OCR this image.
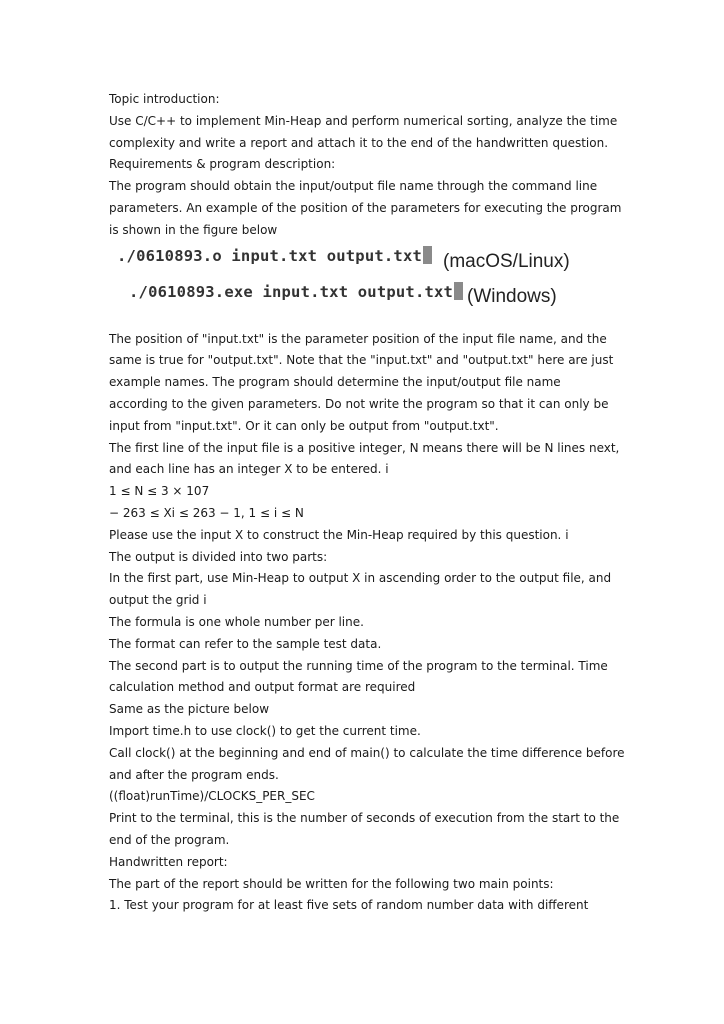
Topic introduction:

Use C/C++ to implement Min-Heap and perform numerical sorting, analyze the time

complexity and write a report and attach it to the end of the handwritten question.

Requirements & program description:

The program should obtain the input/output file name through the command line

parameters. An example of the position of the parameters for executing the program

is shown in the figure below

./0610893.o input.txt output.txt	(macOS/Linux)
./0610893.exe input.txt output.txt (Windows)

The position of "input.txt" is the parameter position of the input file name, and the

same is true for "output.txt". Note that the "input.txt" and "output.txt" here are just

example names. The program should determine the input/output file name

according to the given parameters. Do not write the program so that it can only be

input from "input.txt". Or it can only be output from "output.txt".

The first line of the input file is a positive integer, N means there will be N lines next,

and each line has an integer X to be entered. i

1 ≤ N ≤ 3 × 107

− 263 ≤ Xi ≤ 263 − 1, 1 ≤ i ≤ N

Please use the input X to construct the Min-Heap required by this question. i

The output is divided into two parts:

In the first part, use Min-Heap to output X in ascending order to the output file, and

output the grid i

The formula is one whole number per line.

The format can refer to the sample test data.

The second part is to output the running time of the program to the terminal. Time

calculation method and output format are required

Same as the picture below

Import time.h to use clock() to get the current time.

Call clock() at the beginning and end of main() to calculate the time difference before

and after the program ends.

((float)runTime)/CLOCKS_PER_SEC

Print to the terminal, this is the number of seconds of execution from the start to the

end of the program.

Handwritten report:

The part of the report should be written for the following two main points:

1. Test your program for at least five sets of random number data with different
